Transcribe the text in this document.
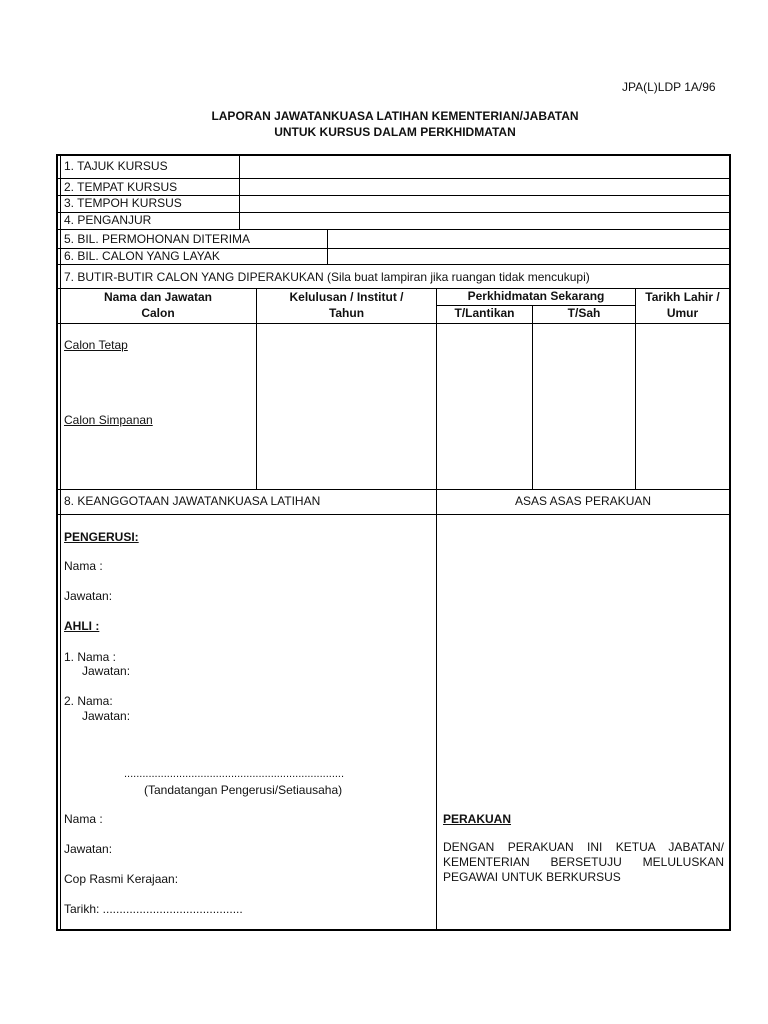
JPA(L)LDP 1A/96
LAPORAN JAWATANKUASA LATIHAN KEMENTERIAN/JABATAN
UNTUK KURSUS DALAM PERKHIDMATAN
1. TAJUK KURSUS
2. TEMPAT KURSUS
3. TEMPOH KURSUS
4. PENGANJUR
5. BIL. PERMOHONAN DITERIMA
6. BIL. CALON YANG LAYAK
7. BUTIR-BUTIR CALON YANG DIPERAKUKAN (Sila buat lampiran jika ruangan tidak mencukupi)
Nama dan Jawatan
Calon
Kelulusan / Institut /
Tahun
Perkhidmatan Sekarang
T/Lantikan	T/Sah
Tarikh Lahir /
Umur
Calon Tetap
Calon Simpanan
8. KEANGGOTAAN JAWATANKUASA LATIHAN	ASAS ASAS PERAKUAN
PENGERUSI:
Nama :
Jawatan:
AHLI :
1. Nama :
Jawatan:
2. Nama:
Jawatan:
........................................................................
(Tandatangan Pengerusi/Setiausaha)
Nama :
Jawatan:
Cop Rasmi Kerajaan:
Tarikh: ..........................................
PERAKUAN
DENGAN PERAKUAN INI KETUA JABATAN/
KEMENTERIAN BERSETUJU MELULUSKAN
PEGAWAI UNTUK BERKURSUS
